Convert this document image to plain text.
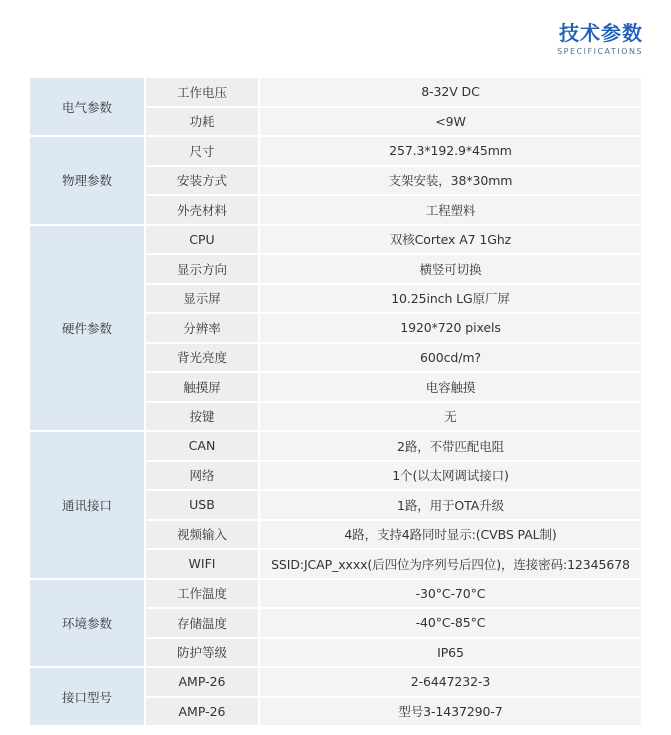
技术参数
SPECIFICATIONS
电气参数	工作电压	8-32V DC
	功耗	<9W
物理参数	尺寸	257.3*192.9*45mm
	安装方式	支架安装，38*30mm
	外壳材料	工程塑料
硬件参数	CPU	双核Cortex A7 1Ghz
	显示方向	横竖可切换
	显示屏	10.25inch LG原厂屏
	分辨率	1920*720 pixels
	背光亮度	600cd/m?
	触摸屏	电容触摸
	按键	无
通讯接口	CAN	2路，不带匹配电阻
	网络	1个(以太网调试接口)
	USB	1路，用于OTA升级
	视频输入	4路，支持4路同时显示:(CVBS PAL制)
	WIFI	SSID:JCAP_xxxx(后四位为序列号后四位)，连接密码:12345678
环境参数	工作温度	-30°C-70°C
	存储温度	-40°C-85°C
	防护等级	IP65
接口型号	AMP-26	2-6447232-3
	AMP-26	型号3-1437290-7
